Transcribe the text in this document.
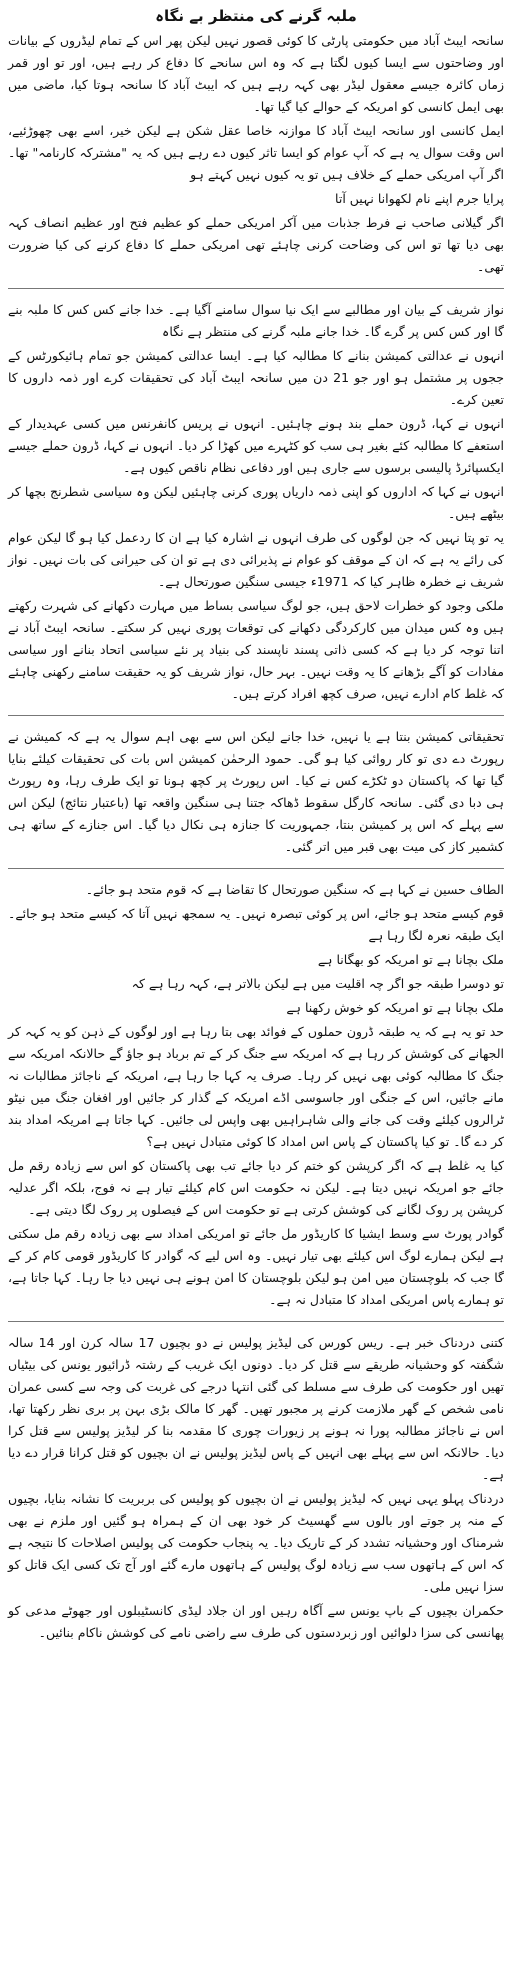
ملبہ گرنے کی منتظر بے نگاہ

سانحہ ایبٹ آباد میں حکومتی پارٹی کا کوئی قصور نہیں لیکن پھر اس کے تمام لیڈروں کے بیانات اور وضاحتوں سے ایسا کیوں لگتا ہے کہ وہ اس سانحے کا دفاع کر رہے ہیں، اور تو اور قمر زماں کائرہ جیسے معقول لیڈر بھی کہہ رہے ہیں کہ ایبٹ آباد کا سانحہ ہوتا کیا، ماضی میں بھی ایمل کانسی کو امریکہ کے حوالے کیا گیا تھا۔

ایمل کانسی اور سانحہ ایبٹ آباد کا موازنہ خاصا عقل شکن ہے لیکن خیر، اسے بھی چھوڑئیے، اس وقت سوال یہ ہے کہ آپ عوام کو ایسا تاثر کیوں دے رہے ہیں کہ یہ "مشترکہ کارنامہ" تھا۔ اگر آپ امریکی حملے کے خلاف ہیں تو یہ کیوں نہیں کہتے ہو

پرایا جرم اپنے نام لکھوانا نہیں آتا

اگر گیلانی صاحب نے فرط جذبات میں آکر امریکی حملے کو عظیم فتح اور عظیم انصاف کہہ بھی دیا تھا تو اس کی وضاحت کرنی چاہئے تھی امریکی حملے کا دفاع کرنے کی کیا ضرورت تھی۔

نواز شریف کے بیان اور مطالبے سے ایک نیا سوال سامنے آگیا ہے۔ خدا جانے کس کس کا ملبہ بنے گا اور کس کس پر گرے گا۔ خدا جانے ملبہ گرنے کی منتظر ہے نگاہ

انہوں نے عدالتی کمیشن بنانے کا مطالبہ کیا ہے۔ ایسا عدالتی کمیشن جو تمام ہائیکورٹس کے ججوں پر مشتمل ہو اور جو 21 دن میں سانحہ ایبٹ آباد کی تحقیقات کرے اور ذمہ داروں کا تعین کرے۔

انہوں نے کہا، ڈرون حملے بند ہونے چاہئیں۔ انہوں نے پریس کانفرنس میں کسی عہدیدار کے استعفے کا مطالبہ کئے بغیر ہی سب کو کٹہرے میں کھڑا کر دیا۔ انہوں نے کہا، ڈرون حملے جیسے ایکسپائرڈ پالیسی برسوں سے جاری ہیں اور دفاعی نظام ناقص کیوں ہے۔

انہوں نے کہا کہ اداروں کو اپنی ذمہ داریاں پوری کرنی چاہئیں لیکن وہ سیاسی شطرنج بچھا کر بیٹھے ہیں۔

یہ تو پتا نہیں کہ جن لوگوں کی طرف انہوں نے اشارہ کیا ہے ان کا ردعمل کیا ہو گا لیکن عوام کی رائے یہ ہے کہ ان کے موقف کو عوام نے پذیرائی دی ہے تو ان کی حیرانی کی بات نہیں۔ نواز شریف نے خطرہ ظاہر کیا کہ 1971ء جیسی سنگین صورتحال ہے۔

ملکی وجود کو خطرات لاحق ہیں، جو لوگ سیاسی بساط میں مہارت دکھانے کی شہرت رکھتے ہیں وہ کس میدان میں کارکردگی دکھانے کی توقعات پوری نہیں کر سکتے۔ سانحہ ایبٹ آباد نے اتنا توجہ کر دیا ہے کہ کسی ذاتی پسند ناپسند کی بنیاد پر نئے سیاسی اتحاد بنانے اور سیاسی مفادات کو آگے بڑھانے کا یہ وقت نہیں۔ بہر حال، نواز شریف کو یہ حقیقت سامنے رکھنی چاہئے کہ غلط کام ادارے نہیں، صرف کچھ افراد کرتے ہیں۔

تحقیقاتی کمیشن بنتا ہے یا نہیں، خدا جانے لیکن اس سے بھی اہم سوال یہ ہے کہ کمیشن نے رپورٹ دے دی تو کار روائی کیا ہو گی۔ حمود الرحمٰن کمیشن اس بات کی تحقیقات کیلئے بنایا گیا تھا کہ پاکستان دو ٹکڑے کس نے کیا۔ اس رپورٹ پر کچھ ہونا تو ایک طرف رہا، وہ رپورٹ ہی دبا دی گئی۔ سانحہ کارگل سقوط ڈھاکہ جتنا ہی سنگین واقعہ تھا (باعتبار نتائج) لیکن اس سے پہلے کہ اس پر کمیشن بنتا، جمہوریت کا جنازہ ہی نکال دیا گیا۔ اس جنازے کے ساتھ ہی کشمیر کاز کی میت بھی قبر میں اتر گئی۔

الطاف حسین نے کہا ہے کہ سنگین صورتحال کا تقاضا ہے کہ قوم متحد ہو جائے۔

قوم کیسے متحد ہو جائے، اس پر کوئی تبصرہ نہیں۔ یہ سمجھ نہیں آتا کہ کیسے متحد ہو جائے۔ ایک طبقہ نعرہ لگا رہا ہے

ملک بچانا ہے تو امریکہ کو بھگانا ہے

تو دوسرا طبقہ جو اگر چہ اقلیت میں ہے لیکن بالاتر ہے، کہہ رہا ہے کہ

ملک بچانا ہے تو امریکہ کو خوش رکھنا ہے

حد تو یہ ہے کہ یہ طبقہ ڈرون حملوں کے فوائد بھی بتا رہا ہے اور لوگوں کے ذہن کو یہ کہہ کر الجھانے کی کوشش کر رہا ہے کہ امریکہ سے جنگ کر کے تم برباد ہو جاؤ گے حالانکہ امریکہ سے جنگ کا مطالبہ کوئی بھی نہیں کر رہا۔ صرف یہ کہا جا رہا ہے، امریکہ کے ناجائز مطالبات نہ مانے جائیں، اس کے جنگی اور جاسوسی اڈے امریکہ کے گذار کر جائیں اور افغان جنگ میں نیٹو ٹرالروں کیلئے وقت کی جانے والی شاہراہیں بھی واپس لی جائیں۔ کہا جاتا ہے امریکہ امداد بند کر دے گا۔ تو کیا پاکستان کے پاس اس امداد کا کوئی متبادل نہیں ہے؟

کیا یہ غلط ہے کہ اگر کرپشن کو ختم کر دیا جائے تب بھی پاکستان کو اس سے زیادہ رقم مل جائے جو امریکہ نہیں دیتا ہے۔ لیکن نہ حکومت اس کام کیلئے تیار ہے نہ فوج، بلکہ اگر عدلیہ کرپشن پر روک لگانے کی کوشش کرتی ہے تو حکومت اس کے فیصلوں پر روک لگا دیتی ہے۔

گوادر پورٹ سے وسط ایشیا کا کاریڈور مل جائے تو امریکی امداد سے بھی زیادہ رقم مل سکتی ہے لیکن ہمارے لوگ اس کیلئے بھی تیار نہیں۔ وہ اس لیے کہ گوادر کا کاریڈور قومی کام کر کے گا جب کہ بلوچستان میں امن ہو لیکن بلوچستان کا امن ہونے ہی نہیں دیا جا رہا۔ کہا جاتا ہے، تو ہمارے پاس امریکی امداد کا متبادل نہ ہے۔

کتنی دردناک خبر ہے۔ ریس کورس کی لیڈیز پولیس نے دو بچیوں 17 سالہ کرن اور 14 سالہ شگفتہ کو وحشیانہ طریقے سے قتل کر دیا۔ دونوں ایک غریب کے رشتہ ڈرائیور یونس کی بیٹیاں تھیں اور حکومت کی طرف سے مسلط کی گئی انتہا درجے کی غربت کی وجہ سے کسی عمران نامی شخص کے گھر ملازمت کرنے پر مجبور تھیں۔ گھر کا مالک بڑی بہن پر بری نظر رکھتا تھا، اس نے ناجائز مطالبہ پورا نہ ہونے پر زیورات چوری کا مقدمہ بنا کر لیڈیز پولیس سے قتل کرا دیا۔ حالانکہ اس سے پہلے بھی انہیں کے پاس لیڈیز پولیس نے ان بچیوں کو قتل کرانا قرار دے دیا ہے۔

دردناک پہلو یہی نہیں کہ لیڈیز پولیس نے ان بچیوں کو پولیس کی بربریت کا نشانہ بنایا، بچیوں کے منہ پر جوتے اور بالوں سے گھسیٹ کر خود بھی ان کے ہمراہ ہو گئیں اور ملزم نے بھی شرمناک اور وحشیانہ تشدد کر کے تاریک دیا۔ یہ پنجاب حکومت کی پولیس اصلاحات کا نتیجہ ہے کہ اس کے ہاتھوں سب سے زیادہ لوگ پولیس کے ہاتھوں مارے گئے اور آج تک کسی ایک قاتل کو سزا نہیں ملی۔

حکمران بچیوں کے باپ یونس سے آگاہ رہیں اور ان جلاد لیڈی کانسٹیبلوں اور جھوٹے مدعی کو پھانسی کی سزا دلوائیں اور زبردستوں کی طرف سے راضی نامے کی کوشش ناکام بنائیں۔
